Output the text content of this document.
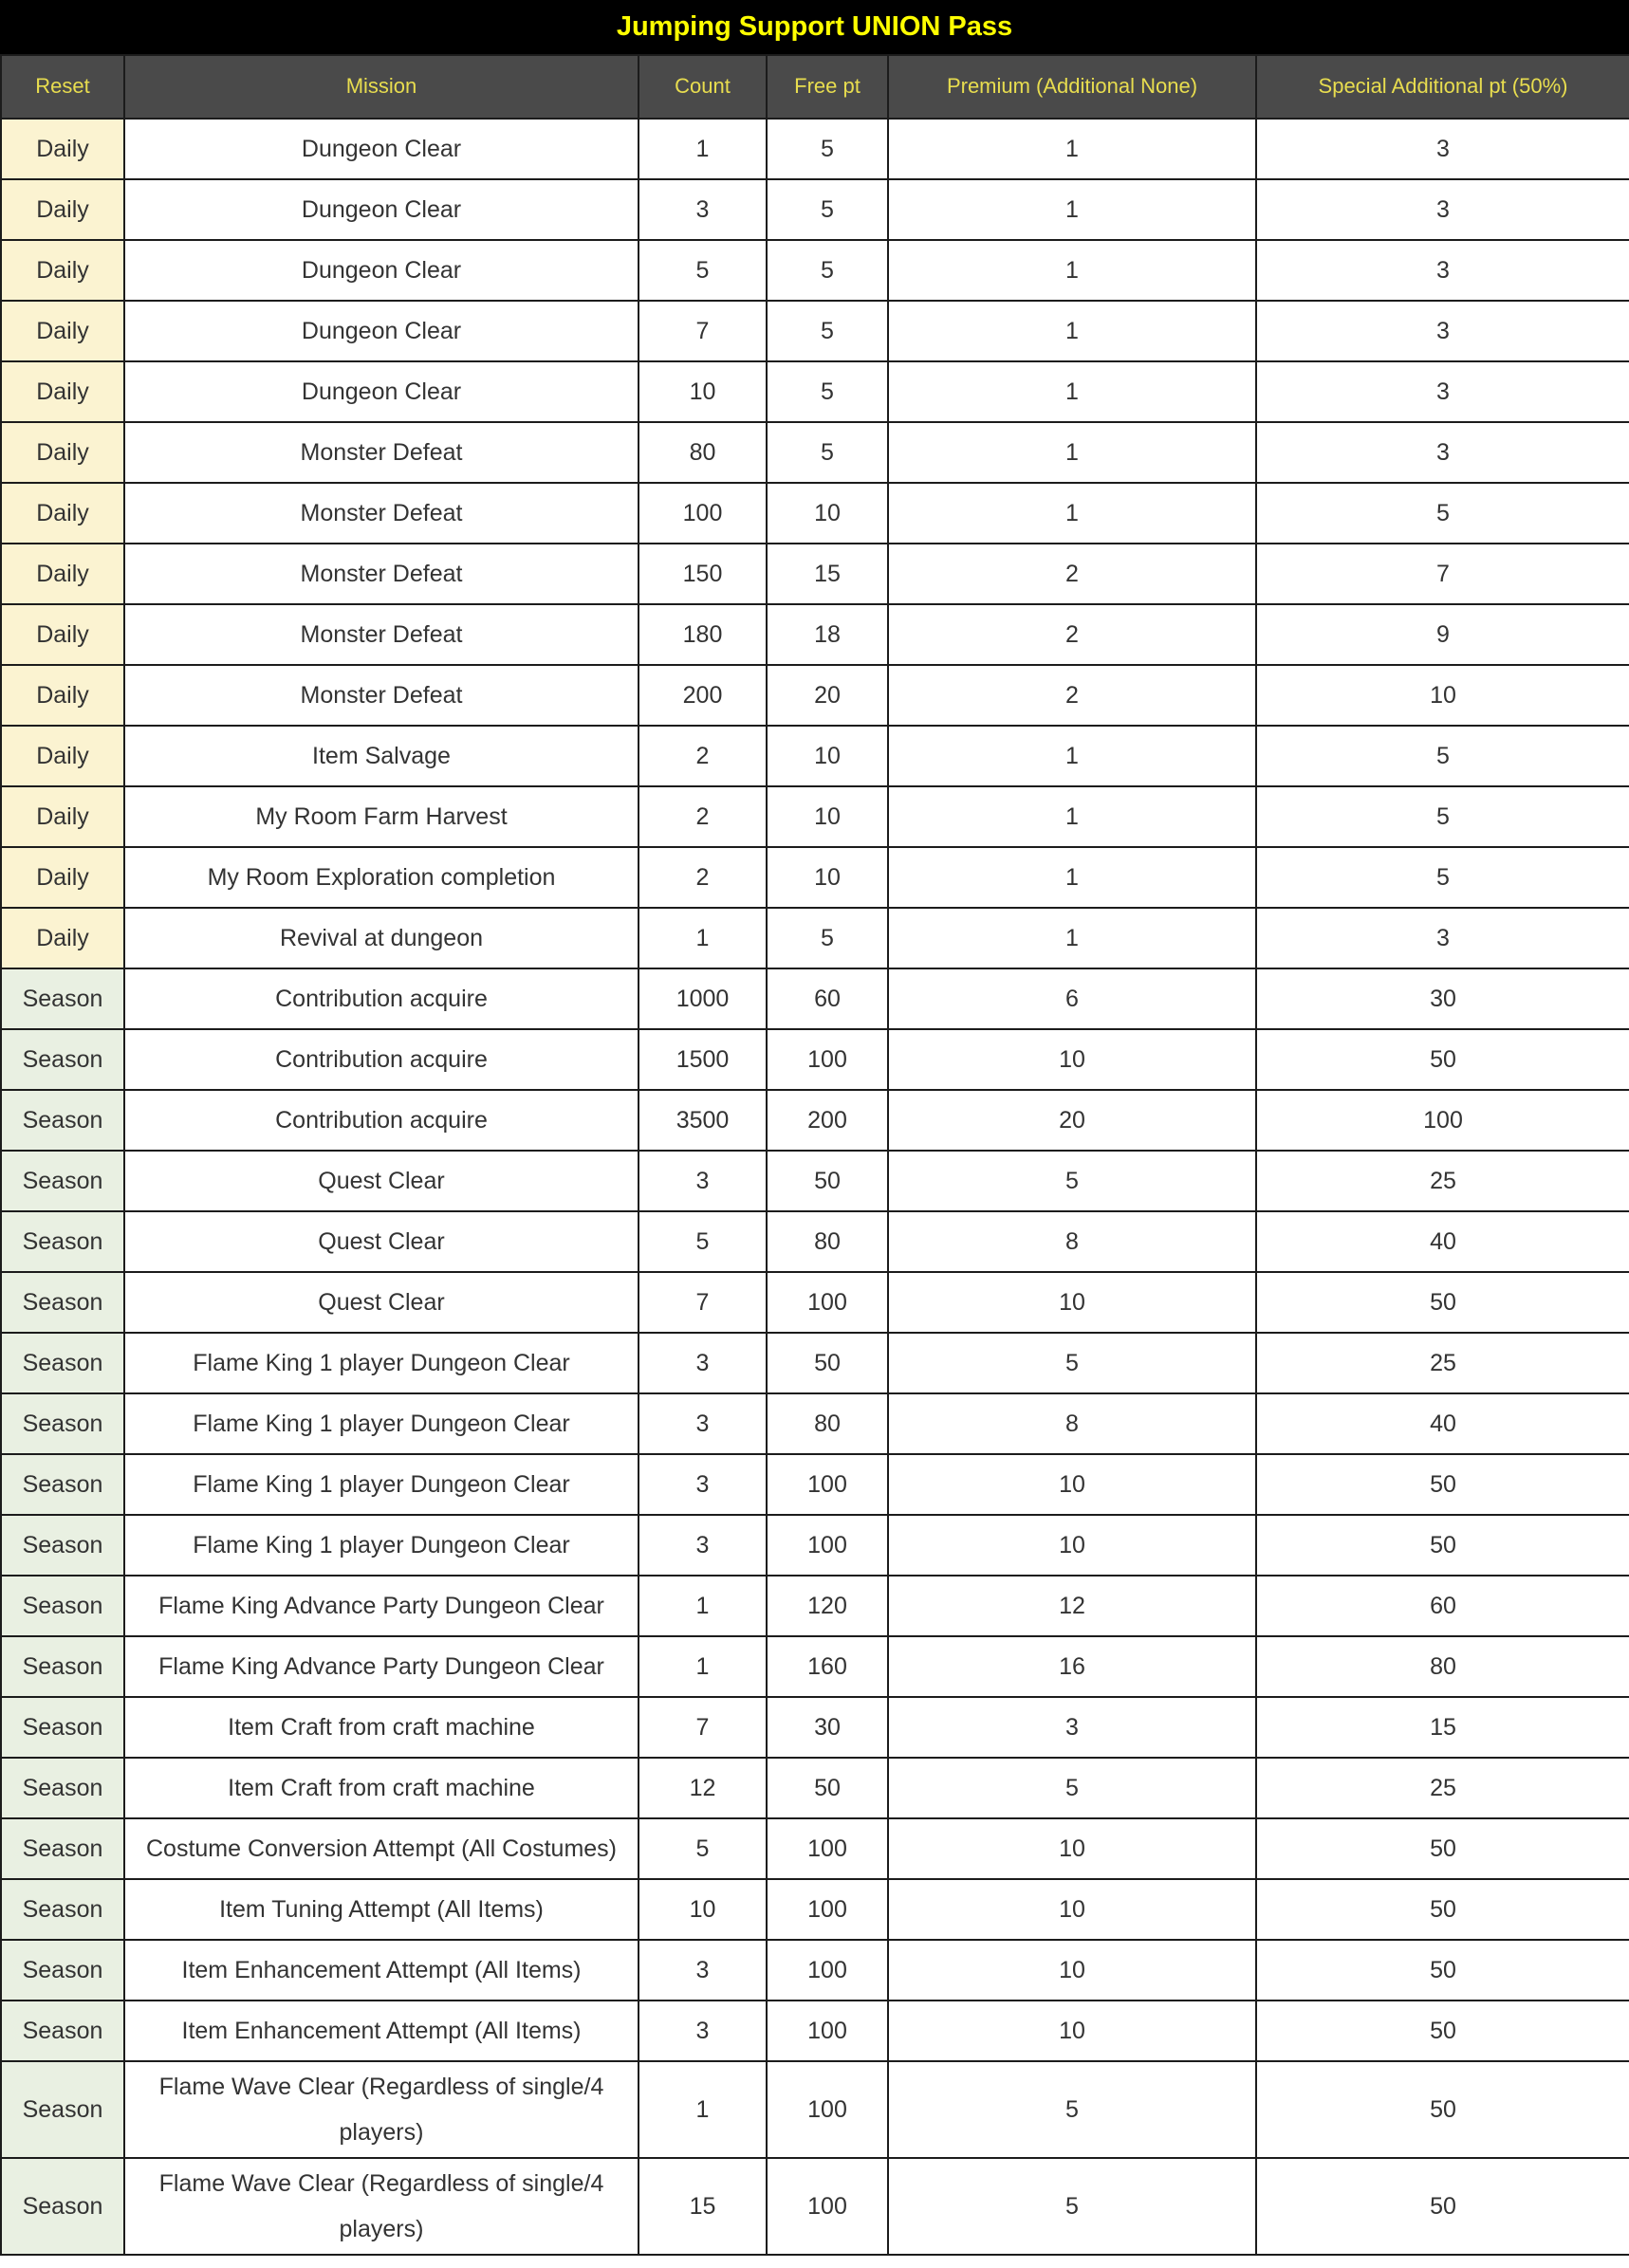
Jumping Support UNION Pass
Reset	Mission	Count	Free pt	Premium (Additional None)	Special Additional pt (50%)
Daily	Dungeon Clear	1	5	1	3
Daily	Dungeon Clear	3	5	1	3
Daily	Dungeon Clear	5	5	1	3
Daily	Dungeon Clear	7	5	1	3
Daily	Dungeon Clear	10	5	1	3
Daily	Monster Defeat	80	5	1	3
Daily	Monster Defeat	100	10	1	5
Daily	Monster Defeat	150	15	2	7
Daily	Monster Defeat	180	18	2	9
Daily	Monster Defeat	200	20	2	10
Daily	Item Salvage	2	10	1	5
Daily	My Room Farm Harvest	2	10	1	5
Daily	My Room Exploration completion	2	10	1	5
Daily	Revival at dungeon	1	5	1	3
Season	Contribution acquire	1000	60	6	30
Season	Contribution acquire	1500	100	10	50
Season	Contribution acquire	3500	200	20	100
Season	Quest Clear	3	50	5	25
Season	Quest Clear	5	80	8	40
Season	Quest Clear	7	100	10	50
Season	Flame King 1 player Dungeon Clear	3	50	5	25
Season	Flame King 1 player Dungeon Clear	3	80	8	40
Season	Flame King 1 player Dungeon Clear	3	100	10	50
Season	Flame King 1 player Dungeon Clear	3	100	10	50
Season	Flame King Advance Party Dungeon Clear	1	120	12	60
Season	Flame King Advance Party Dungeon Clear	1	160	16	80
Season	Item Craft from craft machine	7	30	3	15
Season	Item Craft from craft machine	12	50	5	25
Season	Costume Conversion Attempt (All Costumes)	5	100	10	50
Season	Item Tuning Attempt (All Items)	10	100	10	50
Season	Item Enhancement Attempt (All Items)	3	100	10	50
Season	Item Enhancement Attempt (All Items)	3	100	10	50
Season	Flame Wave Clear (Regardless of single/4 players)	1	100	5	50
Season	Flame Wave Clear (Regardless of single/4 players)	15	100	5	50
